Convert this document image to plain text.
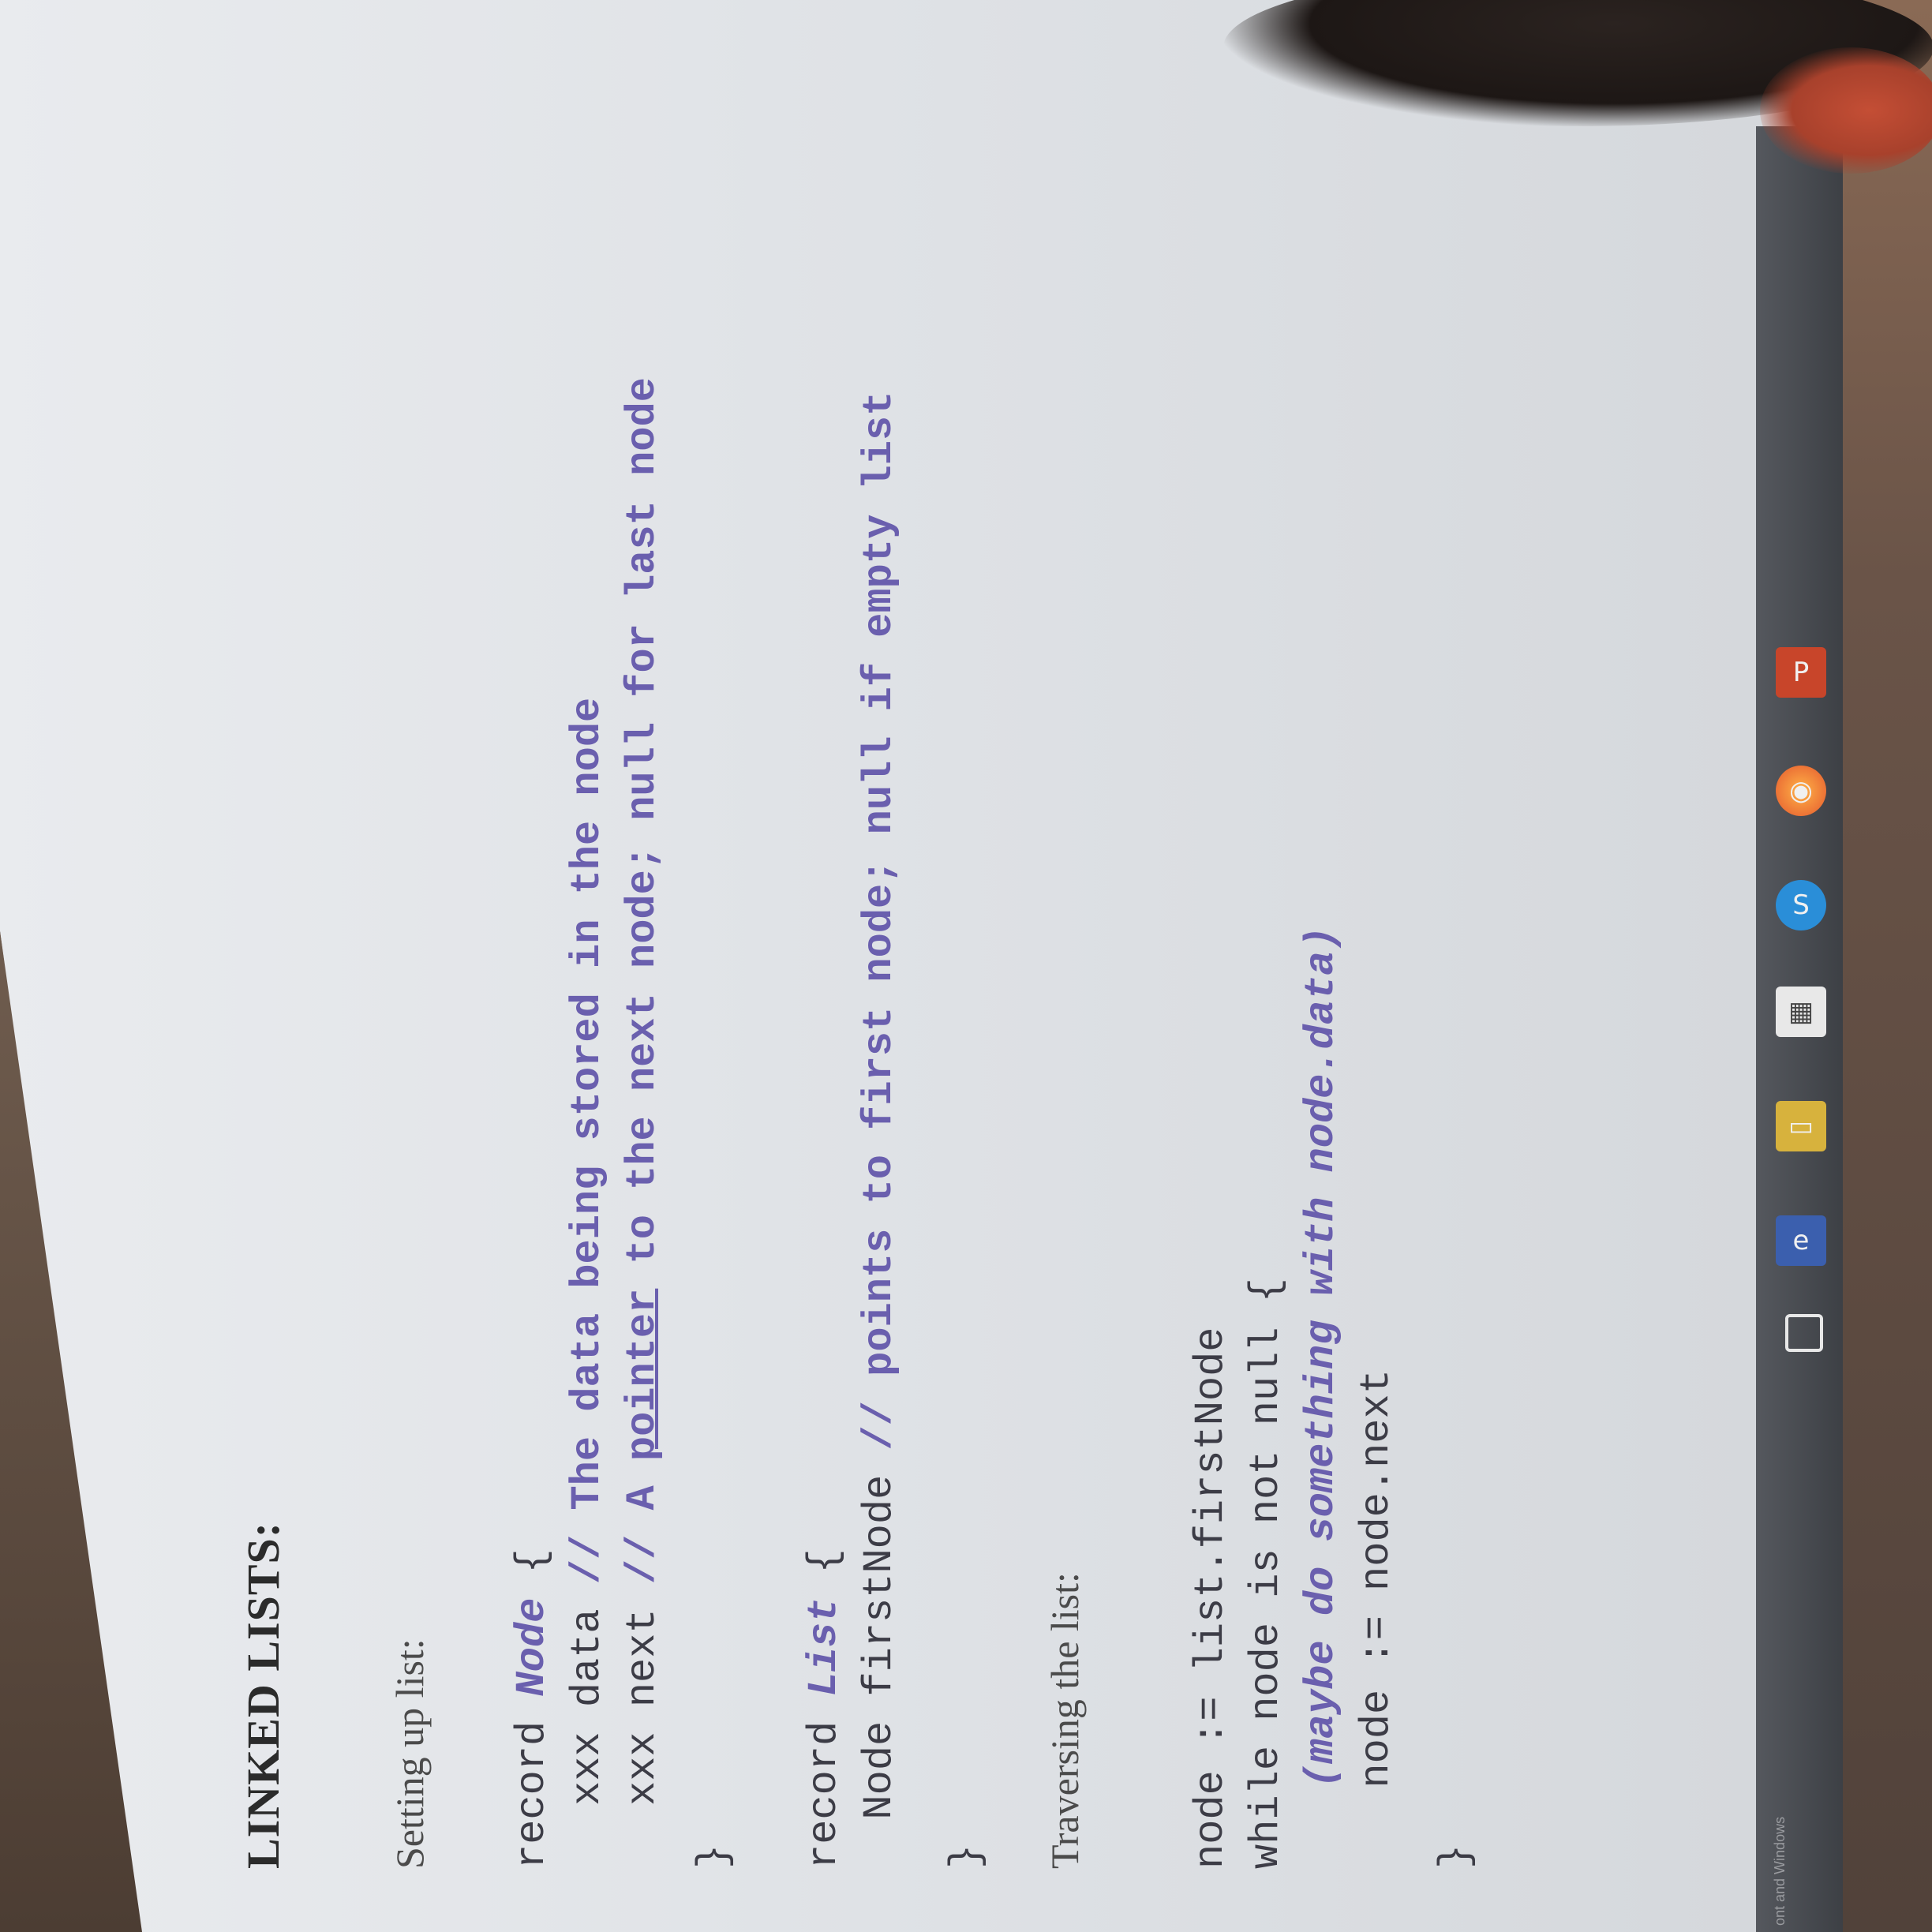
ont and Windows
e
▭
▦
S
◉
P
LINKED LISTS:	Setting up list: record Node {
xxx data // The data being stored in the node
xxx next // A pointer to the next node; null for last node
} record List { Node firstNode // points to first node; null if empty list
} Traversing the list: node := list.firstNode while node is not null { (maybe do something with node.data) node := node.next
}
